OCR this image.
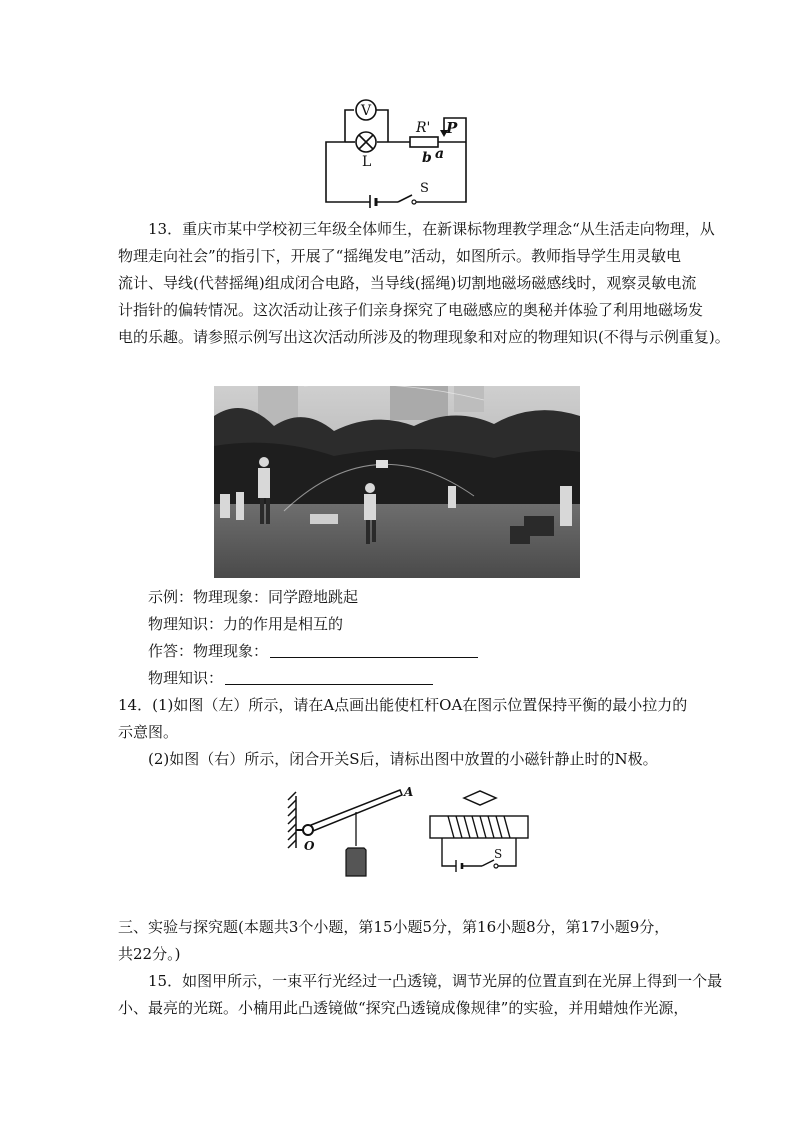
V
L
R' P
b a
S

13．重庆市某中学校初三年级全体师生，在新课标物理教学理念“从生活走向物理，从

物理走向社会”的指引下，开展了“摇绳发电”活动，如图所示。教师指导学生用灵敏电

流计、导线(代替摇绳)组成闭合电路，当导线(摇绳)切割地磁场磁感线时，观察灵敏电流

计指针的偏转情况。这次活动让孩子们亲身探究了电磁感应的奥秘并体验了利用地磁场发

电的乐趣。请参照示例写出这次活动所涉及的物理现象和对应的物理知识(不得与示例重复)。

示例：物理现象：同学蹬地跳起

物理知识：力的作用是相互的

作答：物理现象：

物理知识：

14．(1)如图（左）所示，请在A点画出能使杠杆OA在图示位置保持平衡的最小拉力的

示意图。

(2)如图（右）所示，闭合开关S后，请标出图中放置的小磁针静止时的N极。

A
O
S

三、实验与探究题(本题共3个小题，第15小题5分，第16小题8分，第17小题9分，

共22分。)

15．如图甲所示，一束平行光经过一凸透镜，调节光屏的位置直到在光屏上得到一个最

小、最亮的光斑。小楠用此凸透镜做“探究凸透镜成像规律”的实验，并用蜡烛作光源，
